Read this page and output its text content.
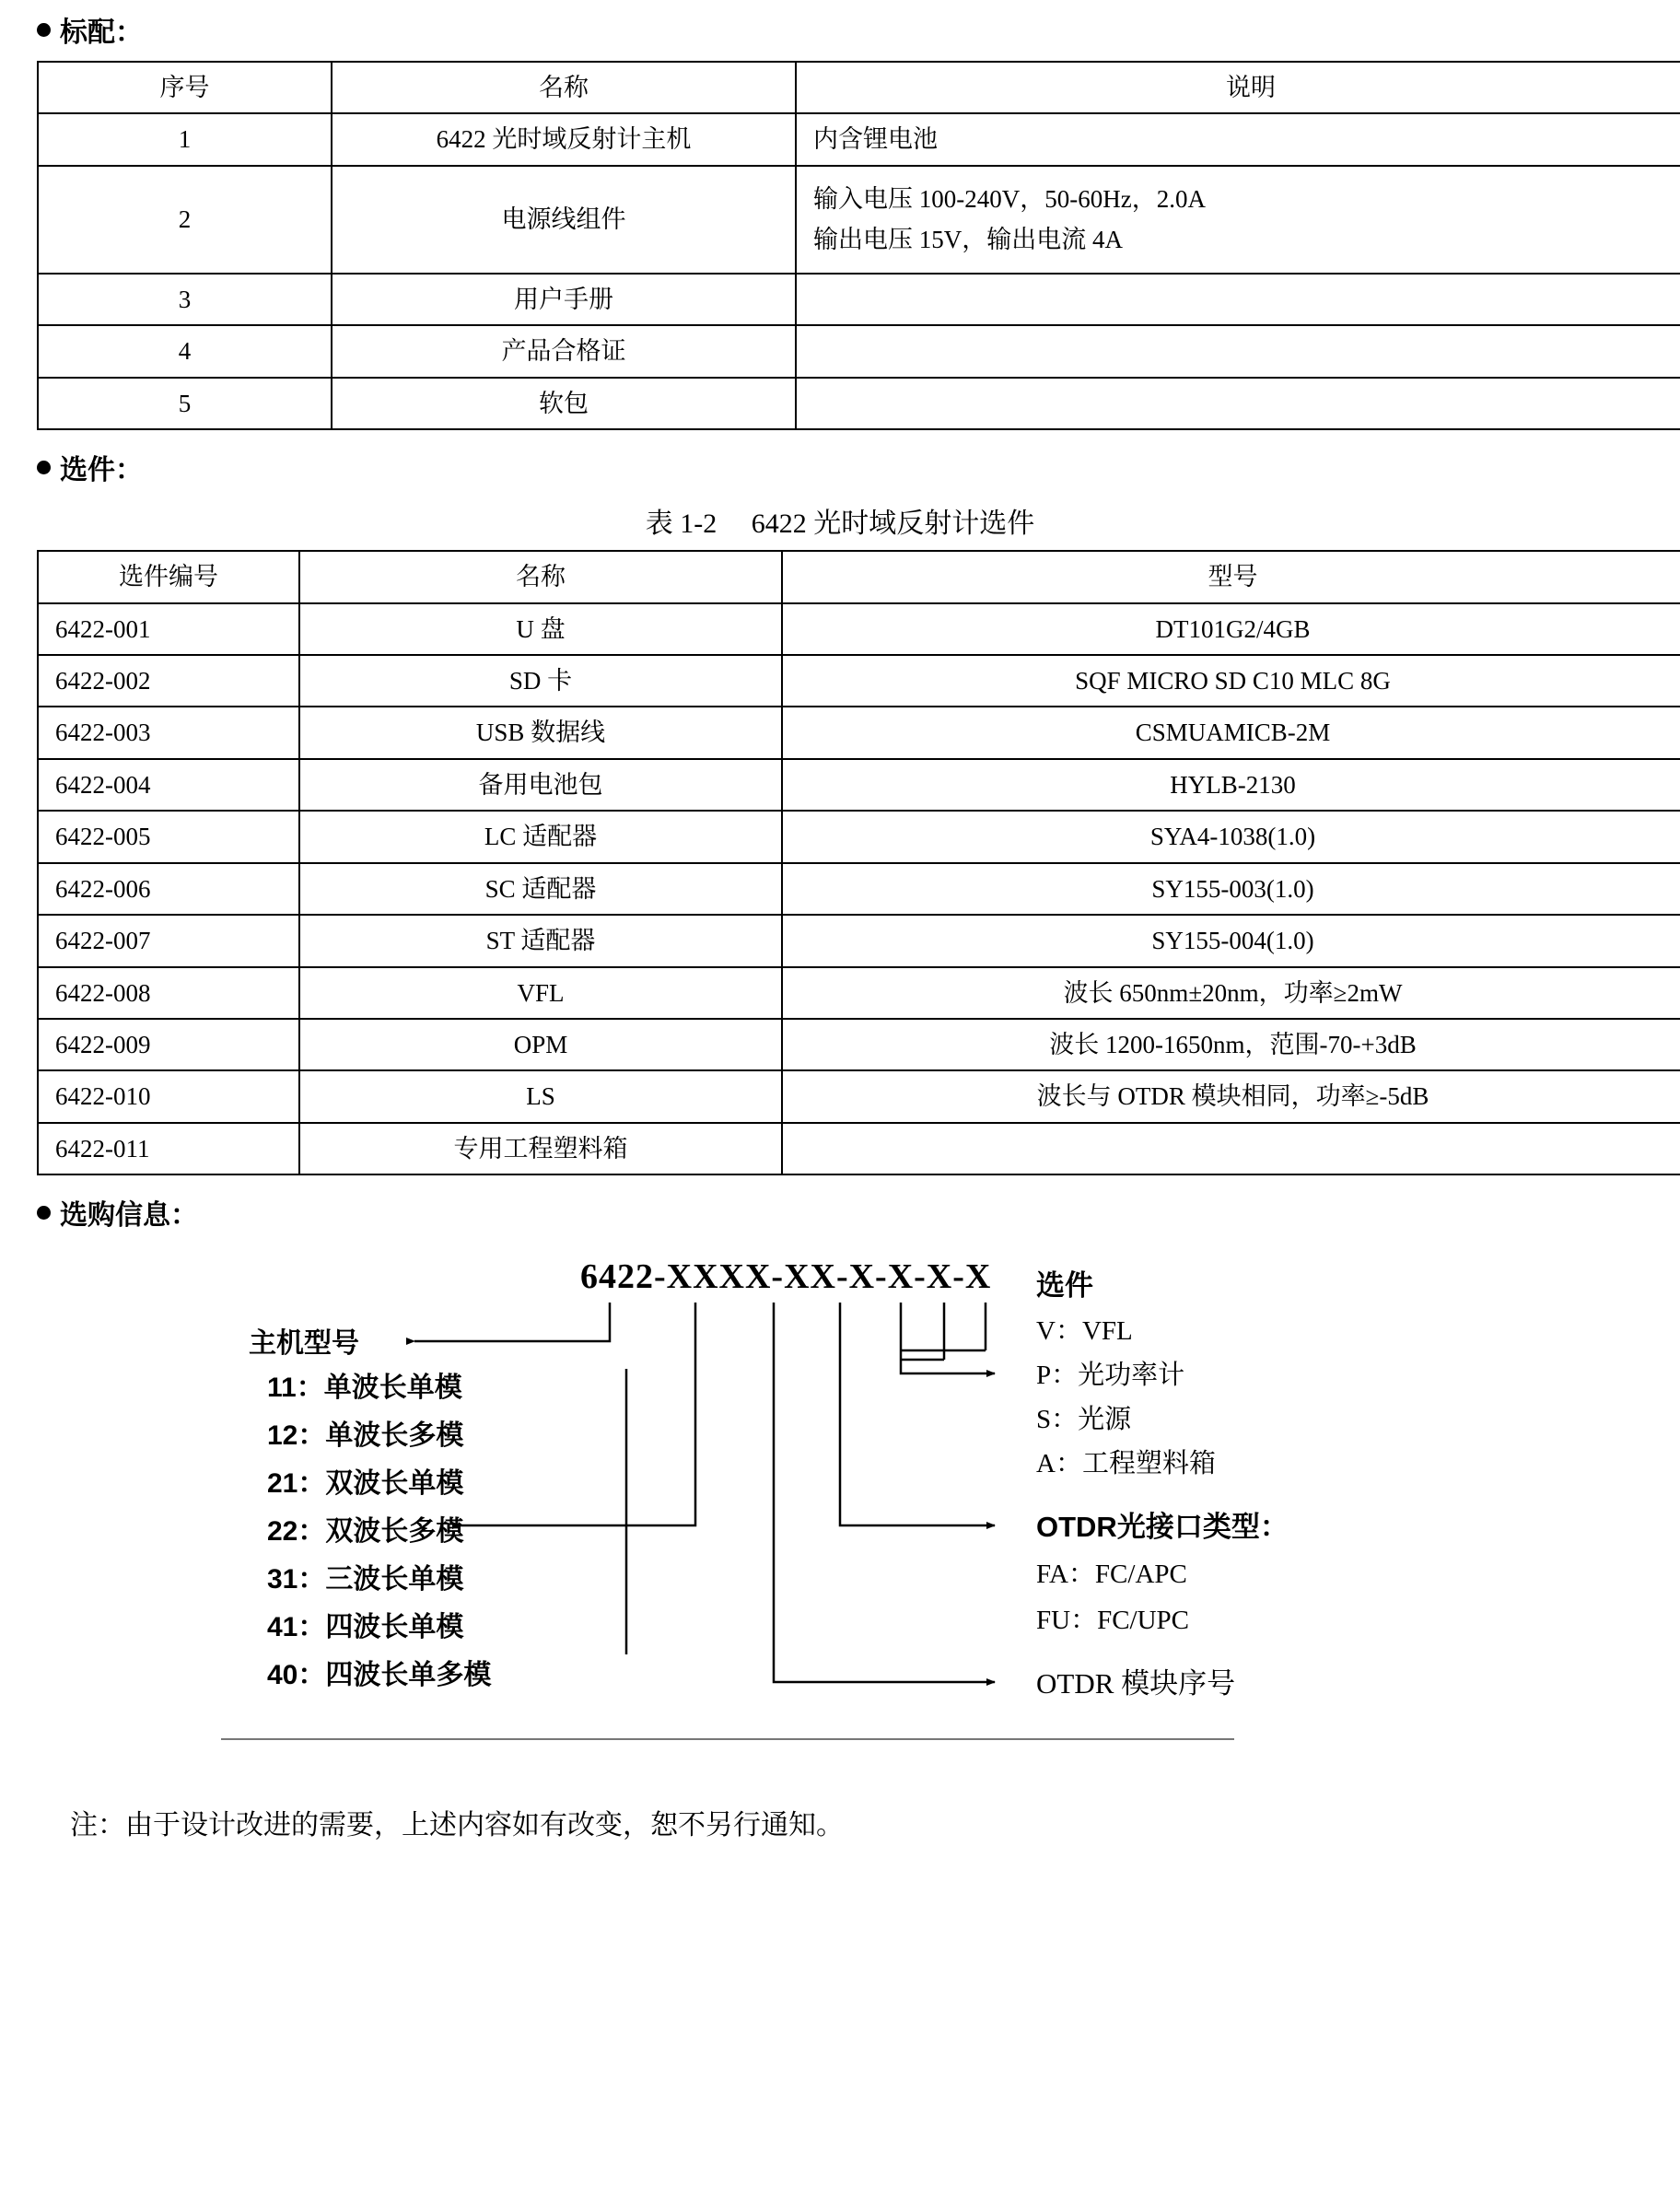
标配：
序号	名称	说明
1	6422 光时域反射计主机	内含锂电池
2	电源线组件	输入电压 100-240V，50-60Hz，2.0A
输出电压 15V，输出电流 4A

3	用户手册	
4	产品合格证	
5	软包	
选件：
表 1-2　 6422 光时域反射计选件
选件编号	名称	型号
6422-001	U 盘	DT101G2/4GB
6422-002	SD 卡	SQF MICRO SD C10 MLC 8G
6422-003	USB 数据线	CSMUAMICB-2M
6422-004	备用电池包	HYLB-2130
6422-005	LC 适配器	SYA4-1038(1.0)
6422-006	SC 适配器	SY155-003(1.0)
6422-007	ST 适配器	SY155-004(1.0)
6422-008	VFL	波长 650nm±20nm，功率≥2mW
6422-009	OPM	波长 1200-1650nm，范围-70-+3dB
6422-010	LS	波长与 OTDR 模块相同，功率≥-5dB
6422-011	专用工程塑料箱	
选购信息：
6422-XXXX-XX-X-X-X-X
主机型号
11：单波长单模
12：单波长多模
21：双波长单模
22：双波长多模
31：三波长单模
41：四波长单模
40：四波长单多模
选件
V：VFL
P：光功率计
S：光源
A：工程塑料箱
OTDR光接口类型：
FA：FC/APC
FU：FC/UPC
OTDR 模块序号
注：由于设计改进的需要，上述内容如有改变，恕不另行通知。
